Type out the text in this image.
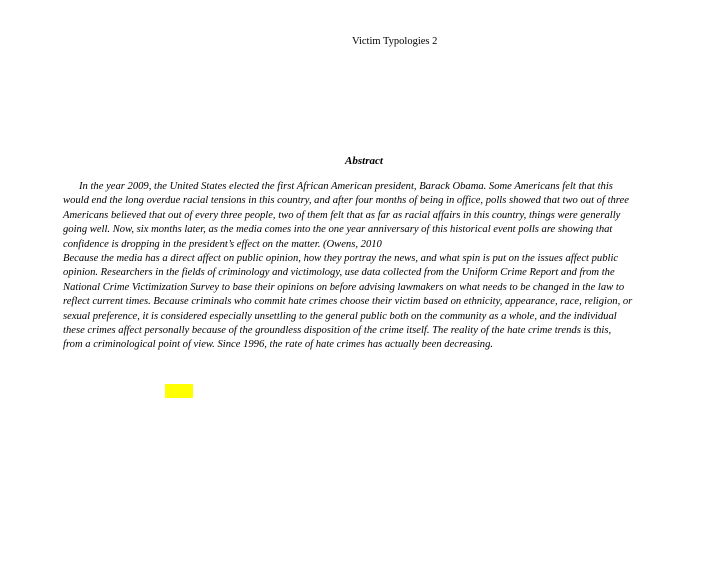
Victim Typologies 2
Abstract

In the year 2009, the United States elected the first African American president, Barack Obama. Some Americans felt that this
would end the long overdue racial tensions in this country, and after four months of being in office, polls showed that two out of three
Americans believed that out of every three people, two of them felt that as far as racial affairs in this country, things were generally
going well. Now, six months later, as the media comes into the one year anniversary of this historical event polls are showing that
confidence is dropping in the president’s effect on the matter. (Owens, 2010

Because the media has a direct affect on public opinion, how they portray the news, and what spin is put on the issues affect public
opinion. Researchers in the fields of criminology and victimology, use data collected from the Uniform Crime Report and from the
National Crime Victimization Survey to base their opinions on before advising lawmakers on what needs to be changed in the law to
reflect current times. Because criminals who commit hate crimes choose their victim based on ethnicity, appearance, race, religion, or
sexual preference, it is considered especially unsettling to the general public both on the community as a whole, and the individual
these crimes affect personally because of the groundless disposition of the crime itself. The reality of the hate crime trends is this,
from a criminological point of view. Since 1996, the rate of hate crimes has actually been decreasing.
